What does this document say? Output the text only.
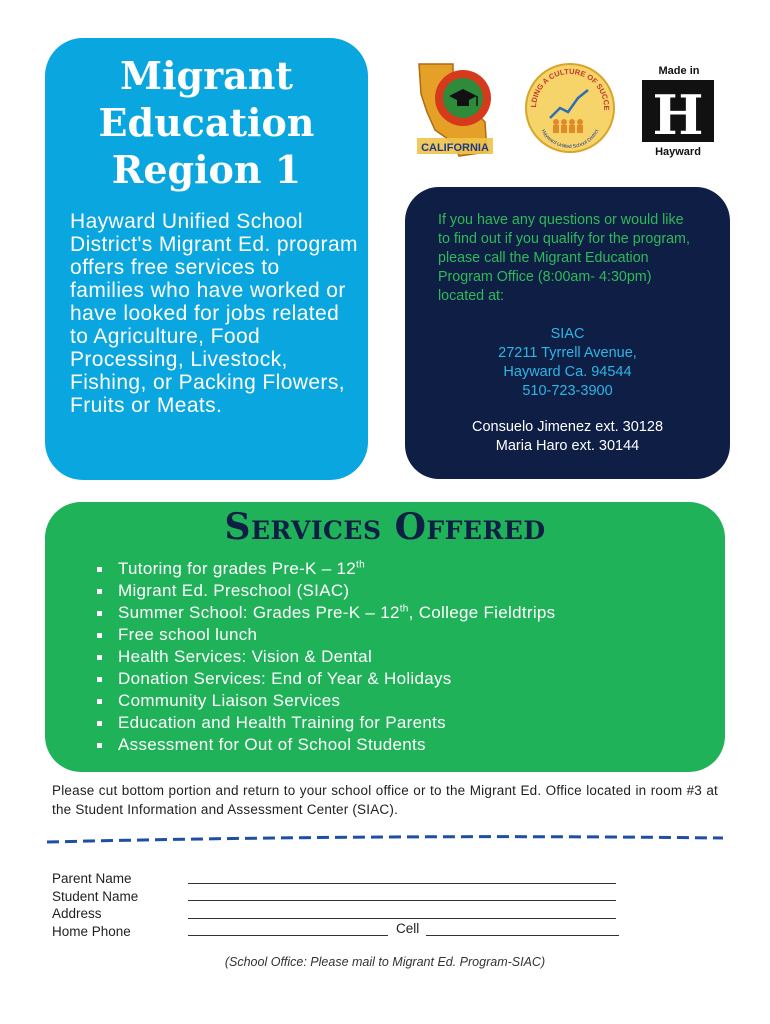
Migrant
Education
Region 1
Hayward Unified School District's Migrant Ed. program offers free services to families who have worked or have looked for jobs related to Agriculture, Food Processing, Livestock, Fishing, or Packing Flowers, Fruits or Meats.
CALIFORNIA
LDING A CULTURE OF SUCCE
Hayward Unified School District
Made in
H
Hayward
If you have any questions or would like to find out if you qualify for the program, please call the Migrant Education Program Office (8:00am- 4:30pm) located at:
SIAC
27211 Tyrrell Avenue,
Hayward Ca. 94544
510-723-3900
Consuelo Jimenez ext. 30128
Maria Haro ext. 30144
Services Offered
Tutoring for grades Pre-K – 12th
Migrant Ed. Preschool (SIAC)
Summer School: Grades Pre-K – 12th, College Fieldtrips
Free school lunch
Health Services: Vision & Dental
Donation Services: End of Year & Holidays
Community Liaison Services
Education and Health Training for Parents
Assessment for Out of School Students
Please cut bottom portion and return to your school office or to the Migrant Ed. Office located in room #3 at the Student Information and Assessment Center (SIAC).
Parent Name
Student Name
Address
Home Phone	Cell
(School Office: Please mail to Migrant Ed. Program-SIAC)
